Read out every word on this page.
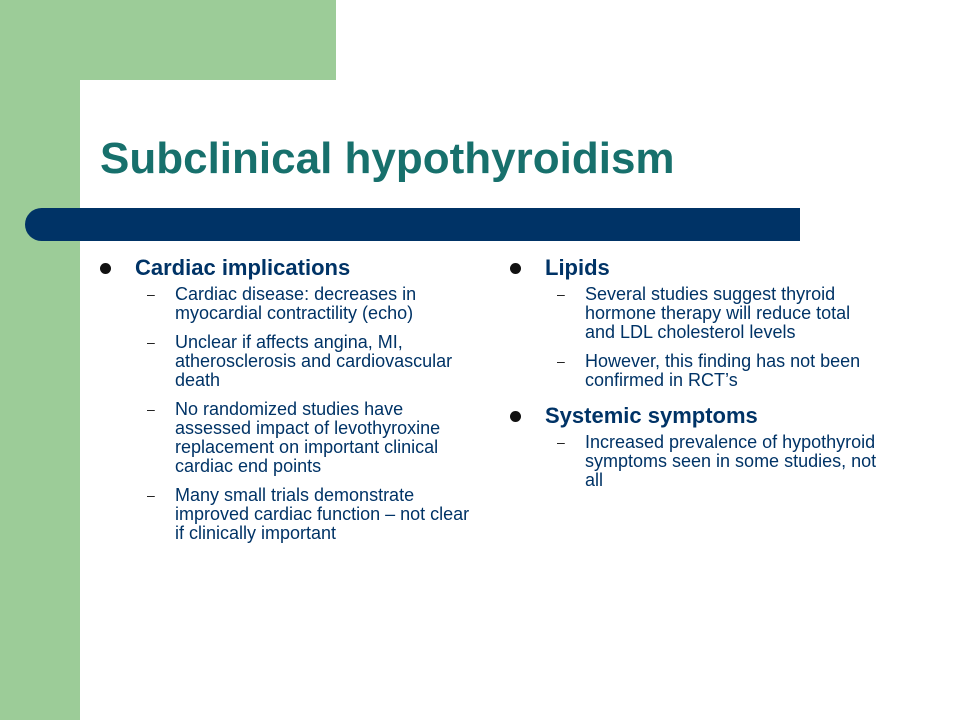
Subclinical hypothyroidism
Cardiac implications
– Cardiac disease: decreases in myocardial contractility (echo)
– Unclear if affects angina, MI, atherosclerosis and cardiovascular death
– No randomized studies have assessed impact of levothyroxine replacement on important clinical cardiac end points
– Many small trials demonstrate improved cardiac function – not clear if clinically important
Lipids
– Several studies suggest thyroid hormone therapy will reduce total and LDL cholesterol levels
– However, this finding has not been confirmed in RCT’s
Systemic symptoms
– Increased prevalence of hypothyroid symptoms seen in some studies, not all
